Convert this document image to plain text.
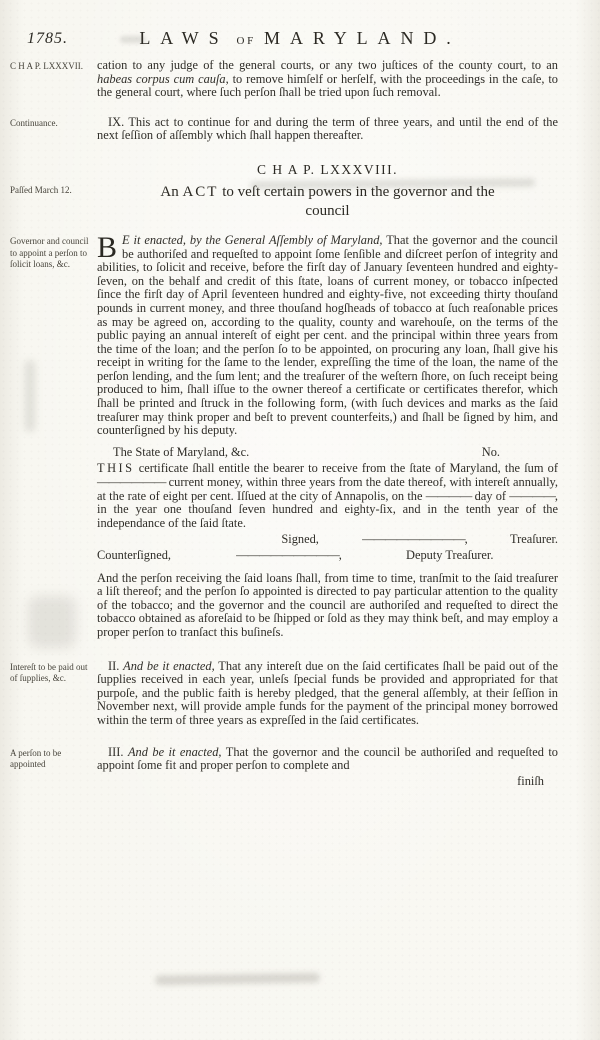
1785.	LAWS OF MARYLAND.
C H A P. LXXXVII.	cation to any judge of the general courts, or any two juſtices of the county court, to an habeas corpus cum cauſa, to remove himſelf or herſelf, with the proceedings in the caſe, to the general court, where ſuch perſon ſhall be tried upon ſuch removal.

Continuance.	IX. This act to continue for and during the term of three years, and until the end of the next ſeſſion of aſſembly which ſhall happen thereafter.

C H A P. LXXXVIII.
Paſſed March 12.	An ACT to veſt certain powers in the governor and the
council
Governor and council to appoint a perſon to ſolicit loans, &c.

B E it enacted, by the General Aſſembly of Maryland, That the governor and the council be authoriſed and requeſted to appoint ſome ſenſible and diſcreet perſon of integrity and abilities, to ſolicit and receive, before the firſt day of January ſeventeen hundred and eighty-ſeven, on the behalf and credit of this ſtate, loans of current money, or tobacco inſpected ſince the firſt day of April ſeventeen hundred and eighty-five, not exceeding thirty thouſand pounds in current money, and three thouſand hogſheads of tobacco at ſuch reaſonable prices as may be agreed on, according to the quality, county and warehouſe, on the terms of the public paying an annual intereſt of eight per cent. and the principal within three years from the time of the loan; and the perſon ſo to be appointed, on procuring any loan, ſhall give his receipt in writing for the ſame to the lender, expreſſing the time of the loan, the name of the perſon lending, and the ſum lent; and the treaſurer of the weſtern ſhore, on ſuch receipt being produced to him, ſhall iſſue to the owner thereof a certificate or certificates therefor, which ſhall be printed and ſtruck in the following form, (with ſuch devices and marks as the ſaid treaſurer may think proper and beſt to prevent counterfeits,) and ſhall be ſigned by him, and counterſigned by his deputy.

The State of Maryland, &c.	No.

THIS certificate ſhall entitle the bearer to receive from the ſtate of Maryland, the ſum of —————— current money, within three years from the date thereof, with intereſt annually, at the rate of eight per cent. Iſſued at the city of Annapolis, on the ———— day of ————, in the year one thouſand ſeven hundred and eighty-ſix, and in the tenth year of the independance of the ſaid ſtate.

Signed,	—————————,	Treaſurer.
Counterſigned,	—————————,	Deputy Treaſurer.

And the perſon receiving the ſaid loans ſhall, from time to time, tranſmit to the ſaid treaſurer a liſt thereof; and the perſon ſo appointed is directed to pay particular attention to the quality of the tobacco; and the governor and the council are authoriſed and requeſted to direct the tobacco obtained as aforeſaid to be ſhipped or ſold as they may think beſt, and may employ a proper perſon to tranſact this buſineſs.

Intereſt to be paid out of ſupplies, &c.

II. And be it enacted, That any intereſt due on the ſaid certificates ſhall be paid out of the ſupplies received in each year, unleſs ſpecial funds be provided and appropriated for that purpoſe, and the public faith is hereby pledged, that the general aſſembly, at their ſeſſion in November next, will provide ample funds for the payment of the principal money borrowed within the term of three years as expreſſed in the ſaid certificates.

A perſon to be appointed

III. And be it enacted, That the governor and the council be authoriſed and requeſted to appoint ſome fit and proper perſon to complete and

finiſh
